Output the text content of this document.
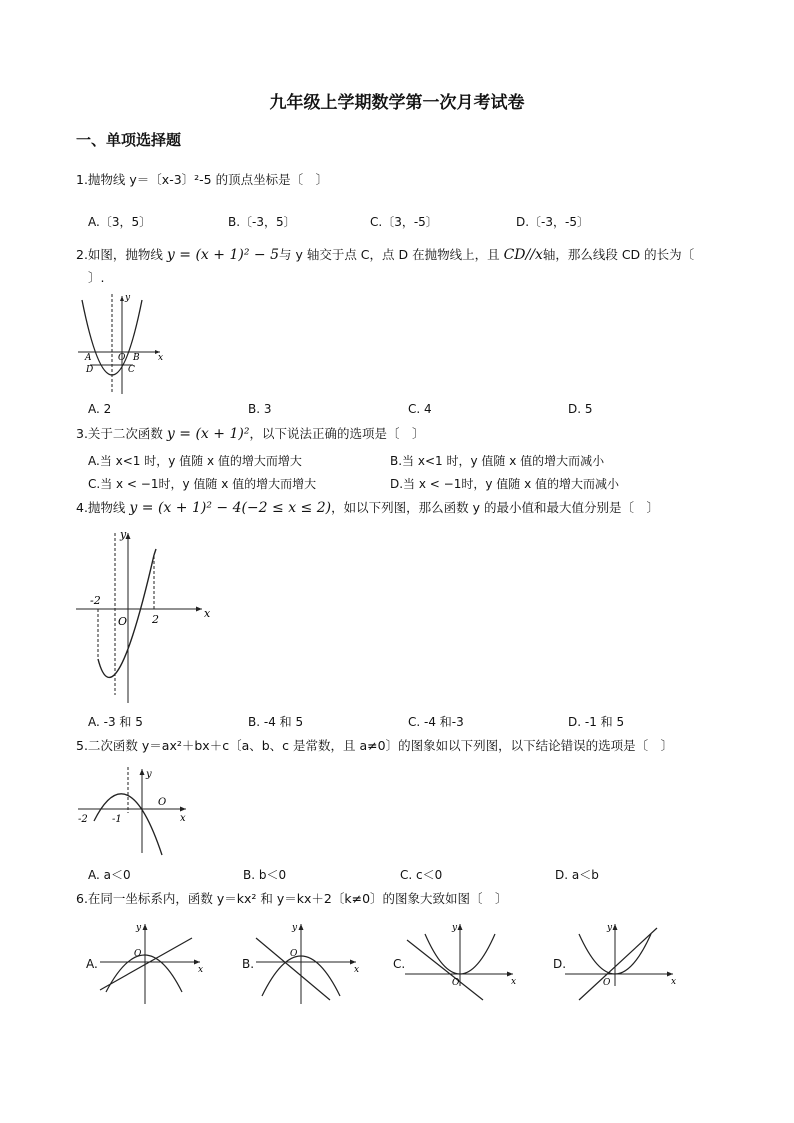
九年级上学期数学第一次月考试卷
一、单项选择题
1.抛物线 y＝〔x-3〕²-5 的顶点坐标是〔　〕
A.〔3，5〕	B.〔-3，5〕	C.〔3，-5〕	D.〔-3，-5〕
2.如图，抛物线 y = (x + 1)² − 5与 y 轴交于点 C，点 D 在抛物线上，且 CD//x轴，那么线段 CD 的长为〔
〕.
y
x
A	O B
D	C
A. 2	B. 3	C. 4	D. 5
3.关于二次函数 y = (x + 1)²，以下说法正确的选项是〔　〕
A.当 x<1 时，y 值随 x 值的增大而增大	B.当 x<1 时，y 值随 x 值的增大而减小
C.当 x < −1时，y 值随 x 值的增大而增大	D.当 x < −1时，y 值随 x 值的增大而减小
4.抛物线 y = (x + 1)² − 4(−2 ≤ x ≤ 2)，如以下列图，那么函数 y 的最小值和最大值分别是〔　〕
y
x
-2
O 2
A. -3 和 5	B. -4 和 5	C. -4 和-3	D. -1 和 5
5.二次函数 y＝ax²＋bx＋c〔a、b、c 是常数，且 a≠0〕的图象如以下列图，以下结论错误的选项是〔　〕
y
x
O
-2 -1
A. a＜0	B. b＜0	C. c＜0	D. a＜b
6.在同一坐标系内，函数 y＝kx² 和 y＝kx＋2〔k≠0〕的图象大致如图〔　〕
A.
y
x
O
B.
y
x
O
C.
y
x
O
D.
y
x
O
